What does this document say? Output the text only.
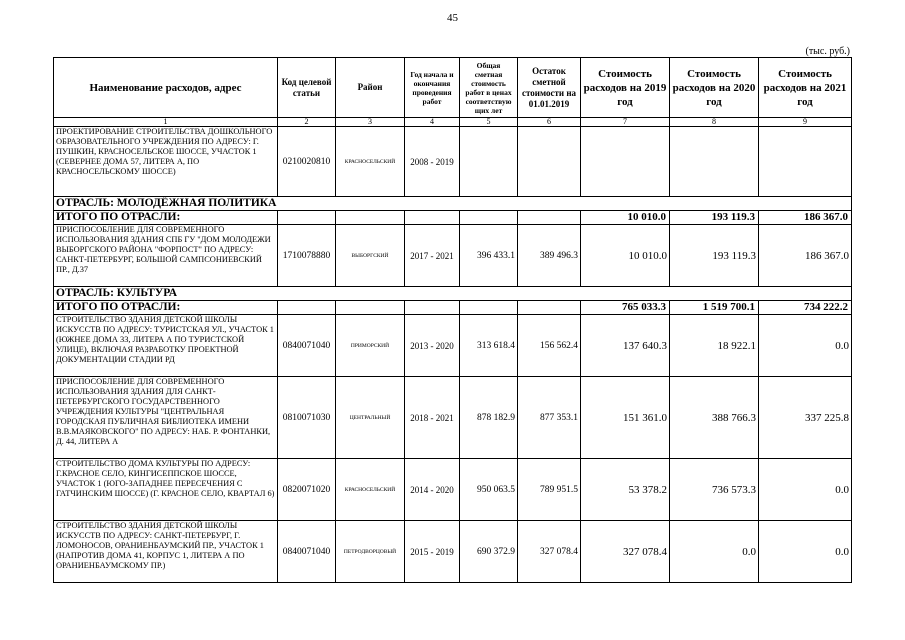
45
(тыс. руб.)
Наименование расходов, адрес	Код целевой статьи	Район	Год начала и окончания проведения работ	Общая сметная стоимость работ в ценах соответствую щих лет	Остаток сметной стоимости на 01.01.2019	Стоимость расходов на 2019 год	Стоимость расходов на 2020 год	Стоимость расходов на 2021 год
1	2	3	4	5	6	7	8	9
ПРОЕКТИРОВАНИЕ СТРОИТЕЛЬСТВА ДОШКОЛЬНОГО ОБРАЗОВАТЕЛЬНОГО УЧРЕЖДЕНИЯ ПО АДРЕСУ: Г. ПУШКИН, КРАСНОСЕЛЬСКОЕ ШОССЕ, УЧАСТОК 1 (СЕВЕРНЕЕ ДОМА 57, ЛИТЕРА А, ПО КРАСНОСЕЛЬСКОМУ ШОССЕ)	0210020810	КРАСНОСЕЛЬСКИЙ	2008 - 2019					
ОТРАСЛЬ: МОЛОДЁЖНАЯ ПОЛИТИКА								
ИТОГО ПО ОТРАСЛИ:						10 010.0	193 119.3	186 367.0
ПРИСПОСОБЛЕНИЕ ДЛЯ СОВРЕМЕННОГО ИСПОЛЬЗОВАНИЯ ЗДАНИЯ СПБ ГУ "ДОМ МОЛОДЕЖИ ВЫБОРГСКОГО РАЙОНА "ФОРПОСТ" ПО АДРЕСУ: САНКТ-ПЕТЕРБУРГ, БОЛЬШОЙ САМПСОНИЕВСКИЙ ПР., Д.37	1710078880	ВЫБОРГСКИЙ	2017 - 2021	396 433.1	389 496.3	10 010.0	193 119.3	186 367.0
ОТРАСЛЬ: КУЛЬТУРА								
ИТОГО ПО ОТРАСЛИ:						765 033.3	1 519 700.1	734 222.2
СТРОИТЕЛЬСТВО ЗДАНИЯ ДЕТСКОЙ ШКОЛЫ ИСКУССТВ ПО АДРЕСУ: ТУРИСТСКАЯ УЛ., УЧАСТОК 1 (ЮЖНЕЕ ДОМА 33, ЛИТЕРА А ПО ТУРИСТСКОЙ УЛИЦЕ), ВКЛЮЧАЯ РАЗРАБОТКУ ПРОЕКТНОЙ ДОКУМЕНТАЦИИ СТАДИИ РД	0840071040	ПРИМОРСКИЙ	2013 - 2020	313 618.4	156 562.4	137 640.3	18 922.1	0.0
ПРИСПОСОБЛЕНИЕ ДЛЯ СОВРЕМЕННОГО ИСПОЛЬЗОВАНИЯ ЗДАНИЯ ДЛЯ САНКТ-ПЕТЕРБУРГСКОГО ГОСУДАРСТВЕННОГО УЧРЕЖДЕНИЯ КУЛЬТУРЫ "ЦЕНТРАЛЬНАЯ ГОРОДСКАЯ ПУБЛИЧНАЯ БИБЛИОТЕКА ИМЕНИ В.В.МАЯКОВСКОГО" ПО АДРЕСУ: НАБ. Р. ФОНТАНКИ, Д. 44, ЛИТЕРА А	0810071030	ЦЕНТРАЛЬНЫЙ	2018 - 2021	878 182.9	877 353.1	151 361.0	388 766.3	337 225.8
СТРОИТЕЛЬСТВО ДОМА КУЛЬТУРЫ ПО АДРЕСУ: Г.КРАСНОЕ СЕЛО, КИНГИСЕППСКОЕ ШОССЕ, УЧАСТОК 1 (ЮГО-ЗАПАДНЕЕ ПЕРЕСЕЧЕНИЯ С ГАТЧИНСКИМ ШОССЕ) (Г. КРАСНОЕ СЕЛО, КВАРТАЛ 6)	0820071020	КРАСНОСЕЛЬСКИЙ	2014 - 2020	950 063.5	789 951.5	53 378.2	736 573.3	0.0
СТРОИТЕЛЬСТВО ЗДАНИЯ ДЕТСКОЙ ШКОЛЫ ИСКУССТВ ПО АДРЕСУ: САНКТ-ПЕТЕРБУРГ, Г. ЛОМОНОСОВ, ОРАНИЕНБАУМСКИЙ ПР., УЧАСТОК 1 (НАПРОТИВ ДОМА 41, КОРПУС 1, ЛИТЕРА А ПО ОРАНИЕНБАУМСКОМУ ПР.)	0840071040	ПЕТРОДВОРЦОВЫЙ	2015 - 2019	690 372.9	327 078.4	327 078.4	0.0	0.0
